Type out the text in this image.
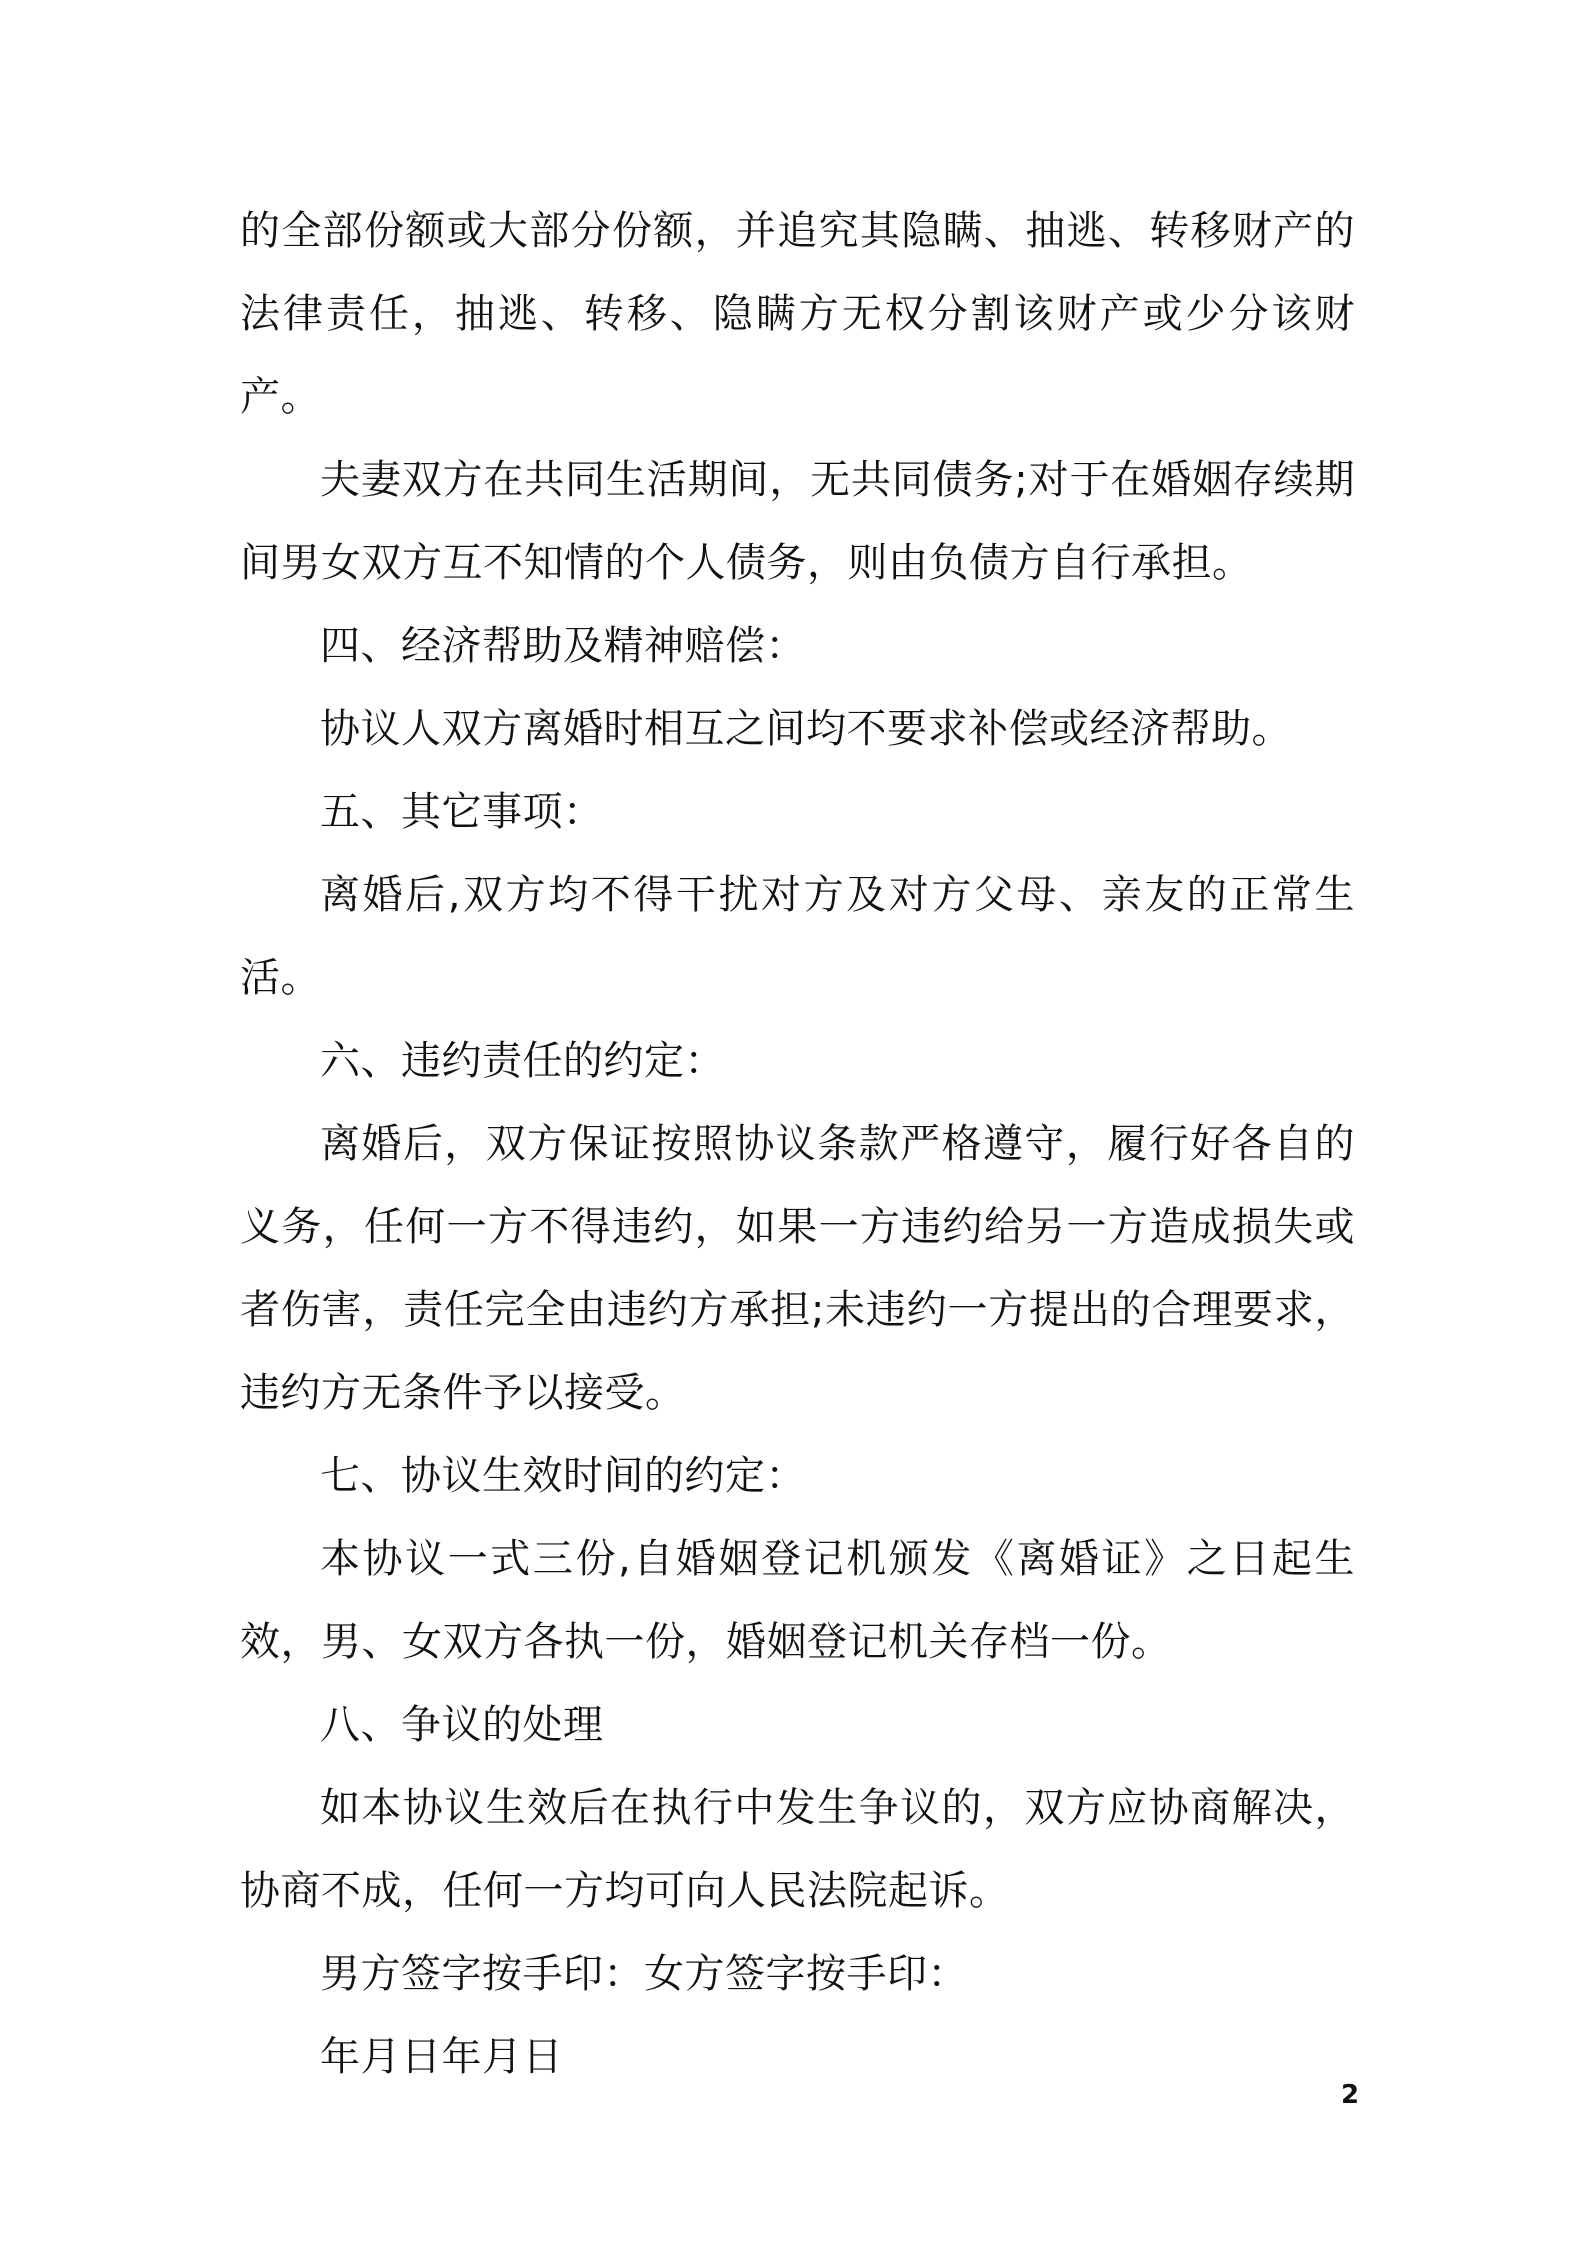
的全部份额或大部分份额，并追究其隐瞒、抽逃、转移财产的法律责任，抽逃、转移、隐瞒方无权分割该财产或少分该财产。

夫妻双方在共同生活期间，无共同债务;对于在婚姻存续期间男女双方互不知情的个人债务，则由负债方自行承担。

四、经济帮助及精神赔偿：

协议人双方离婚时相互之间均不要求补偿或经济帮助。

五、其它事项：

离婚后,双方均不得干扰对方及对方父母、亲友的正常生活。

六、违约责任的约定：

离婚后，双方保证按照协议条款严格遵守，履行好各自的义务，任何一方不得违约，如果一方违约给另一方造成损失或者伤害，责任完全由违约方承担;未违约一方提出的合理要求，违约方无条件予以接受。

七、协议生效时间的约定：

本协议一式三份,自婚姻登记机颁发《离婚证》之日起生效，男、女双方各执一份，婚姻登记机关存档一份。

八、争议的处理

如本协议生效后在执行中发生争议的，双方应协商解决，协商不成，任何一方均可向人民法院起诉。

男方签字按手印：女方签字按手印：

年月日年月日

2
